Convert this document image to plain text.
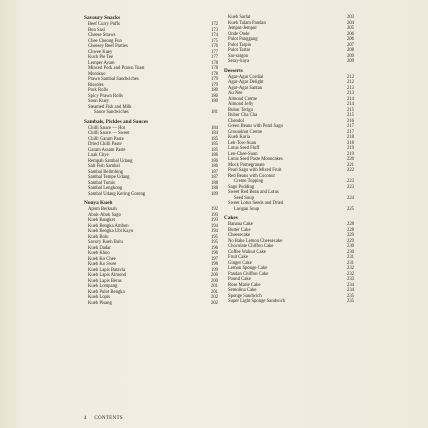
Savoury Snacks
Beef Curry Puffs	172
Bun Susi	173
Cheese Straws	174
Chee Cheong Fun	175
Cheesey Beef Parties	176
Chwee Kuey	177
Kuch Pie Tee	177
Lemper Ayam	178
Minced Pork and Prawn Toast	178
Morokoo	178
Prawn Sambal Sandwiches	179
Rissoles	179
Pork Rolls	180
Spicy Prawn Rolls	180
Soon Kuey	180
Steamed Fish and Milk
Sauce Sandwiches	181
Sambals, Pickles and Sauces
Chilli Sauce — Hot	184
Chilli Sauce — Sweet	184
Chilli Garam Paste	185
Dried Chilli Paste	185
Garam Assam Paste	185
Luak Chye	186
Rempah Sambal Udang	186
Salt Fish Sambal	186
Sambal Belimbing	187
Sambal Tempe Udang	187
Sambal Tumis	188
Sambal Lengkong	188
Sambal Udang Kering Goreng	189
Nonya Kueh
Apom Berkuah	192
Abok-Abok Sago	193
Kueh Bangket	193
Kueh Bengka Ambon	194
Kueh Bengka Ubi Kayu	194
Kueh Bolu	195
Savory Kueh Bolu	195
Kueh Dadar	196
Kueh Khoo	196
Kueh Ko Chee	197
Kueh Ko Swee	198
Kueh Lapis Batavia	199
Kueh Lapis Almond	200
Kueh Lapis Beras	200
Kueh Lompang	201
Kueh Pulot Bengka	201
Kueh Lopis	202
Kueh Pisang	202
Kueh Sarlat	203
Kueh Talam Pandan	204
Jemput-Jemput	205
Onde Onde	206
Pulot Panggang	206
Pulot Tarpio	207
Pulot Tartar	208
Sar-sargon	209
Seray-kaya	209
Desserts
Agar-Agar Cordial	212
Agar-Agar Delight	212
Agar-Agar Santan	213
Au Nee	213
Almond Creme	214
Almond Jelly	214
Bubur Terigu	215
Bubor Cha Cha	215
Chendol	216
Green Beans with Pearl Sago	217
Groundnut Creme	217
Kueh Kuria	218
Lek-Tow-Suan	218
Lotus Seed Fluff	219
Len-Chee-Suan	219
Lotus Seed Paste Mooncakes	220
Mock Pomegranate	221
Pearl Sago with Mixed Fruit	222
Red Beans with Coconut
Creme Topping	223
Sago Pudding	223
Sweet Red Bean and Lotus
Seed Soup	224
Sweet Lotus Seeds and Dried
Longan Soup	225
Cakes
Banana Cake	228
Butter Cake	228
Cheesecake	229
No Bake Lemon Cheesecake	229
Chocolate Chiffon Cake	230
Coffee Walnut Cake	230
Fruit Cake	231
Ginger Cake	231
Lemon Sponge Cake	232
Pandan Chiffon Cake	232
Pound Cake	233
Rose Marie Cake	234
Semolina Cake	234
Sponge Sandwich	235
Super Light Sponge Sandwich	235
4 CONTENTS
